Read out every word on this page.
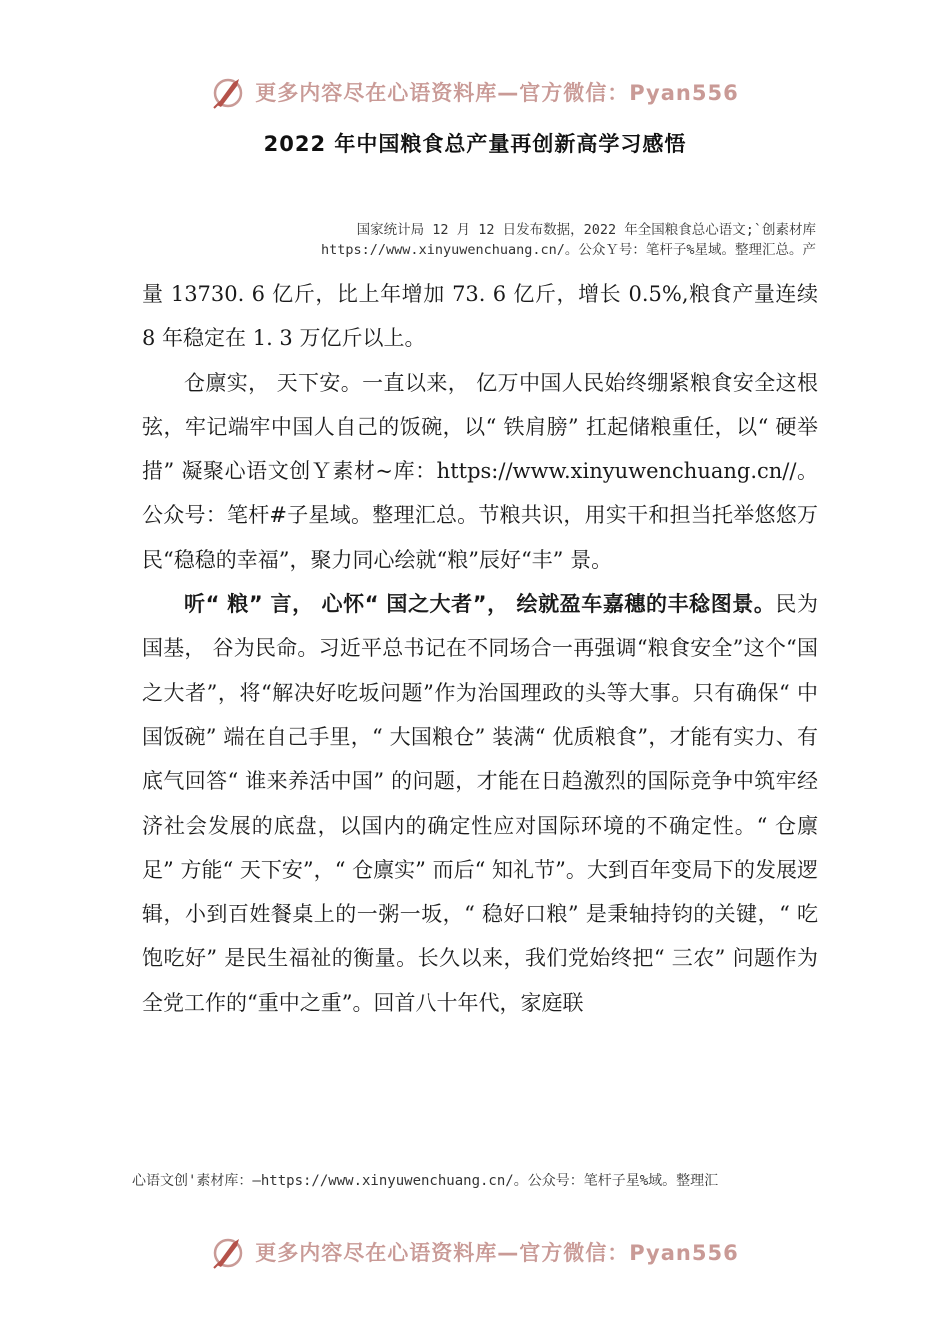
更多内容尽在心语资料库—官方微信：Pyan556
2022 年中国粮食总产量再创新高学习感悟
国家统计局 12 月 12 日发布数据，2022 年全国粮食总心语文;`创素材库
https://www.xinyuwenchuang.cn/。公众Ｙ号：笔杆子%星域。整理汇总。产

量 13730. 6 亿斤，比上年增加 73. 6 亿斤，增长 0.5%,粮食产量连续 8 年稳定在 1. 3 万亿斤以上。

仓廪实， 天下安。一直以来， 亿万中国人民始终绷紧粮食安全这根弦，牢记端牢中国人自己的饭碗，以“ 铁肩膀” 扛起储粮重任，以“ 硬举措” 凝聚心语文创Ｙ素材~库：https://www.xinyuwenchuang.cn//。公众号：笔杆#子星域。整理汇总。节粮共识，用实干和担当托举悠悠万民“稳稳的幸福”，聚力同心绘就“粮”辰好“丰” 景。

听“ 粮” 言， 心怀“ 国之大者”， 绘就盈车嘉穗的丰稔图景。民为国基， 谷为民命。习近平总书记在不同场合一再强调“粮食安全”这个“国之大者”，将“解决好吃坂问题”作为治国理政的头等大事。只有确保“ 中国饭碗” 端在自己手里，“ 大国粮仓” 装满“ 优质粮食”，才能有实力、有底气回答“ 谁来养活中国” 的问题，才能在日趋激烈的国际竞争中筑牢经济社会发展的底盘，以国内的确定性应对国际环境的不确定性。“ 仓廪足” 方能“ 天下安”，“ 仓廪实” 而后“ 知礼节”。大到百年变局下的发展逻辑，小到百姓餐桌上的一粥一坂，“ 稳好口粮” 是秉轴持钧的关键，“ 吃饱吃好” 是民生福祉的衡量。长久以来，我们党始终把“ 三农” 问题作为全党工作的“重中之重”。回首八十年代，家庭联

心语文创'素材库：—https://www.xinyuwenchuang.cn/。公众号：笔杆子星%域。整理汇
更多内容尽在心语资料库—官方微信：Pyan556
